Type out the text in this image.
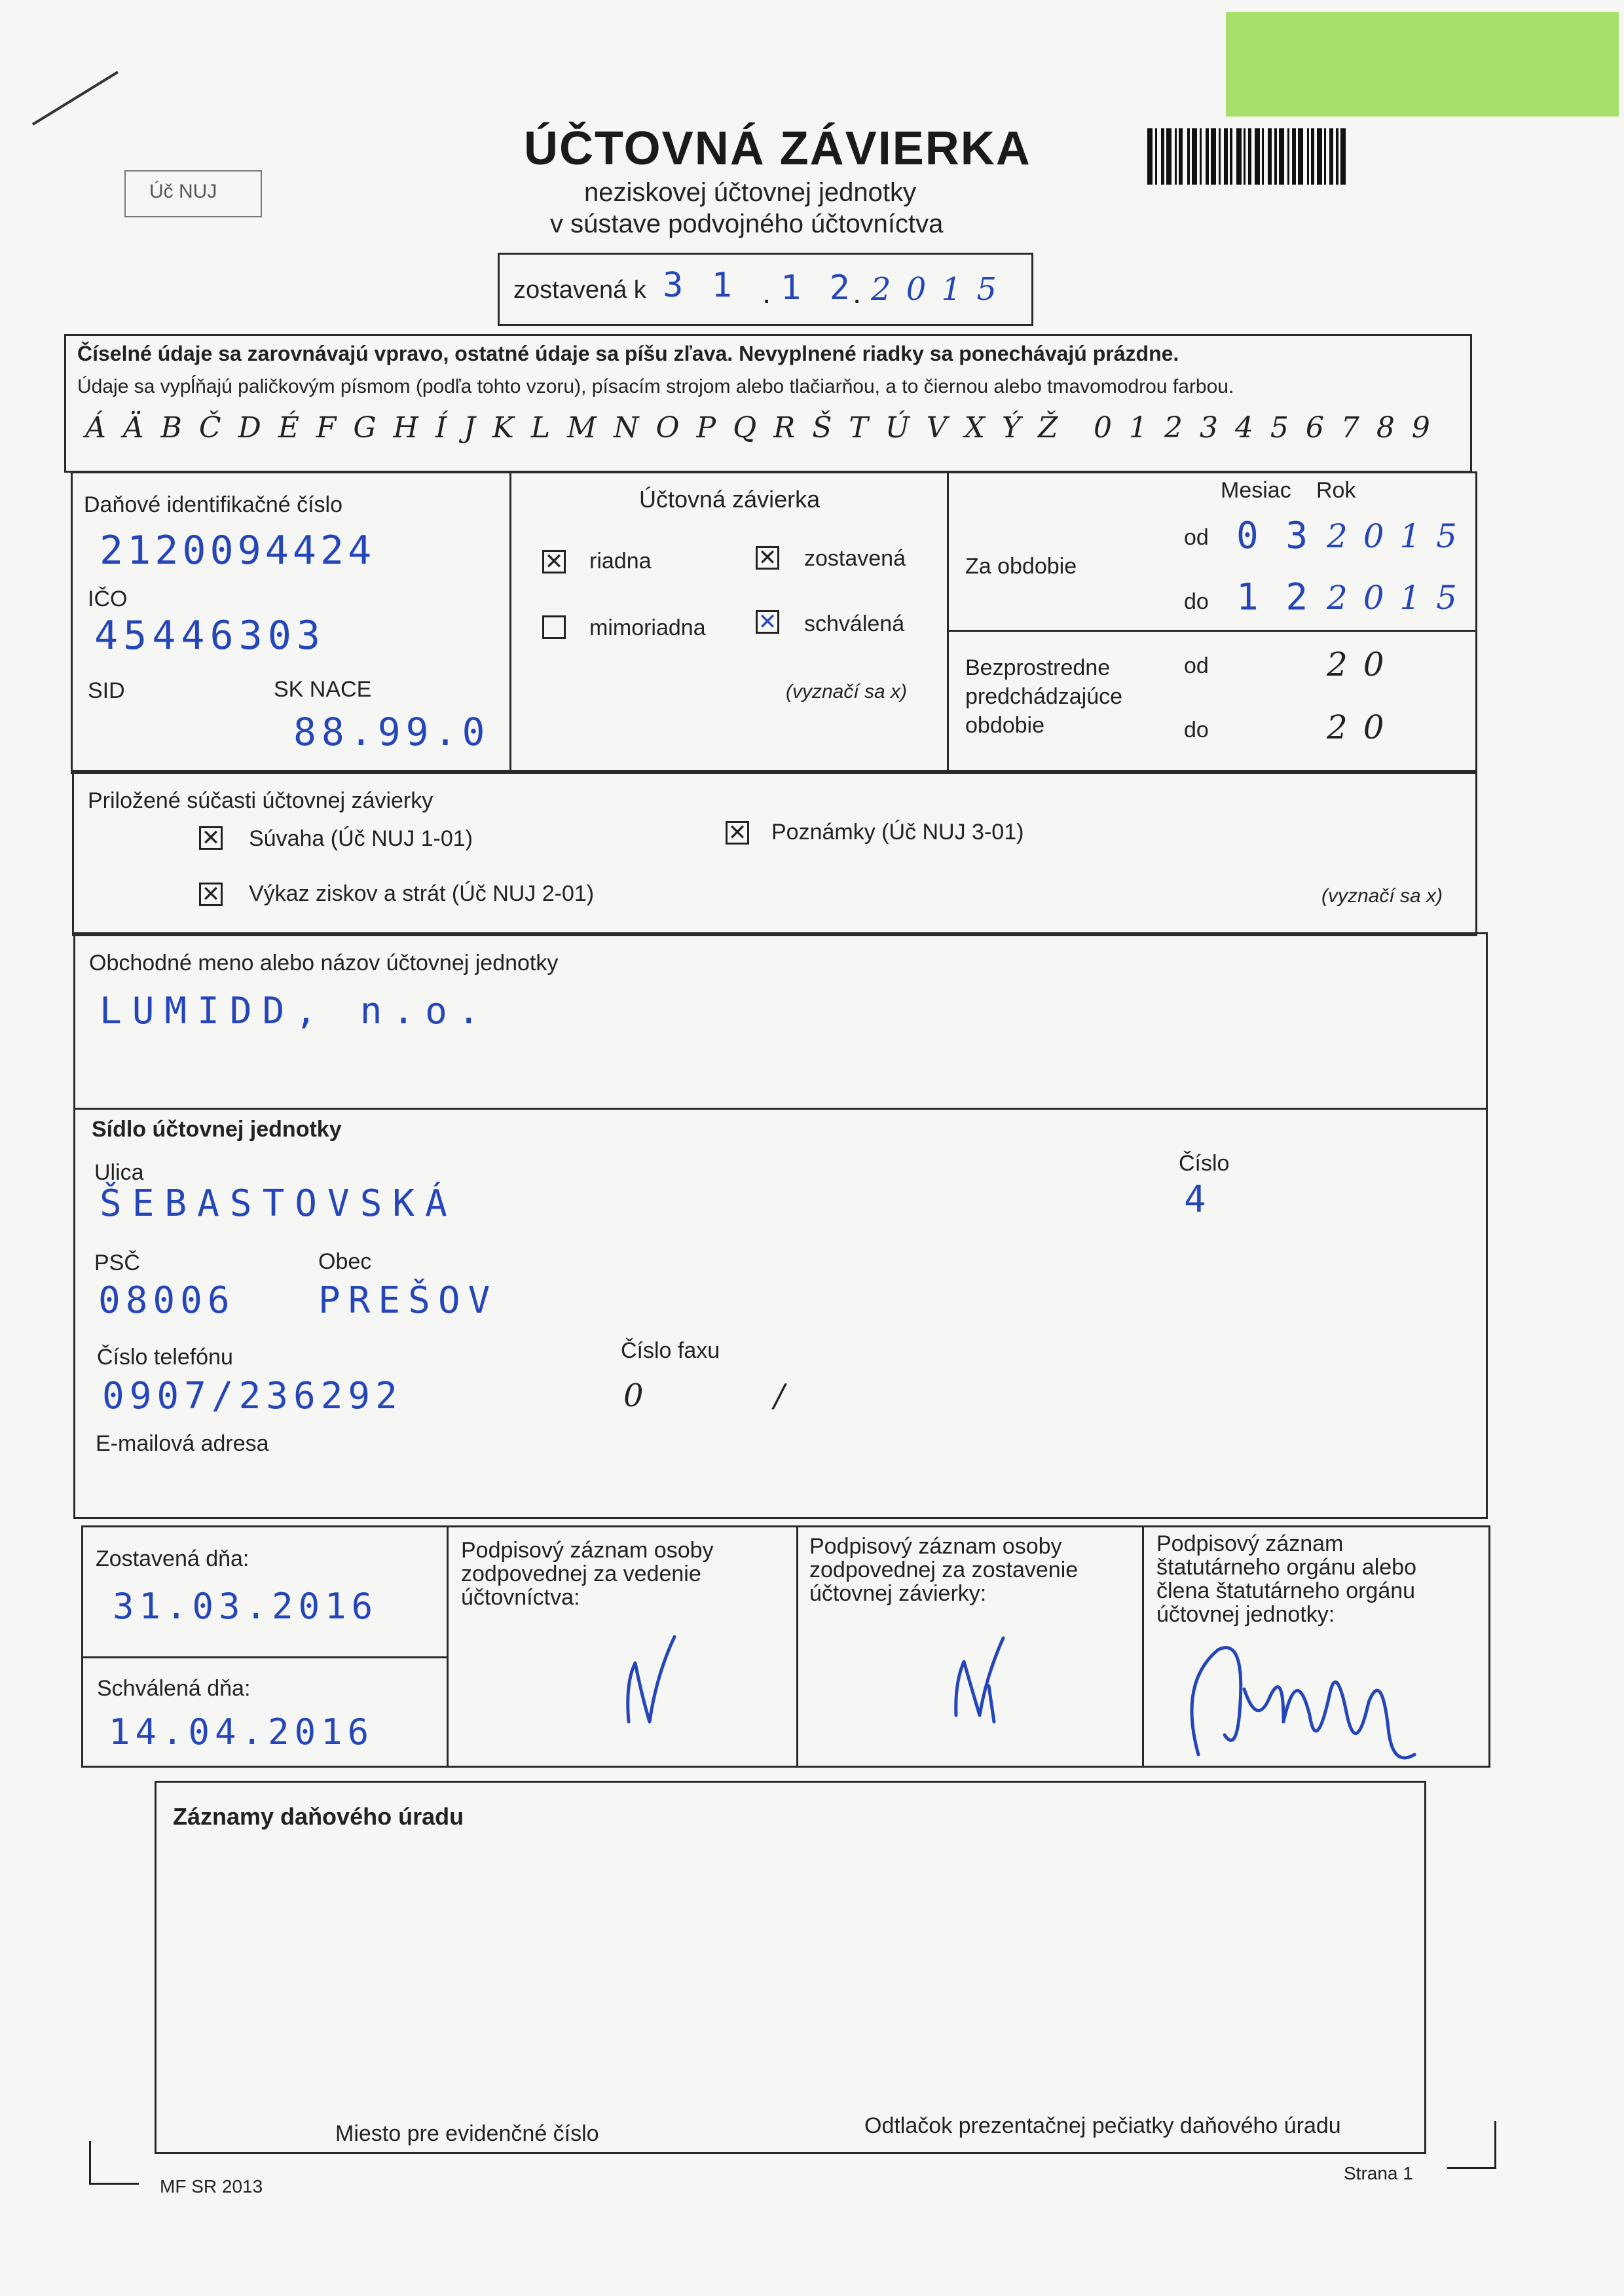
Úč NUJ
ÚČTOVNÁ ZÁVIERKA
neziskovej účtovnej jednotky
v sústave podvojného účtovníctva
zostavená k 3 1 . 1 2
. 2 0 1 5
Číselné údaje sa zarovnávajú vpravo, ostatné údaje sa píšu zľava. Nevyplnené riadky sa ponechávajú prázdne.
Údaje sa vypĺňajú paličkovým písmom (podľa tohto vzoru), písacím strojom alebo tlačiarňou, a to čiernou alebo tmavomodrou farbou.
Á Ä B Č D É F G H Í J K L M N O P Q R Š T Ú V X Ý Ž 0 1 2 3 4 5 6 7 8 9
Daňové identifikačné číslo
2120094424
IČO
45446303
SID	SK NACE
88.99.0
Účtovná závierka
✕ riadna	✕ zostavená
mimoriadna ✕ schválená
(vyznačí sa x)
Mesiac Rok
Za obdobie
od 0 3 2 0 1 5
do 1 2 2 0 1 5
Bezprostredne predchádzajúce obdobie
od	2 0
do	2 0
Priložené súčasti účtovnej závierky
✕ Súvaha (Úč NUJ 1-01)	✕ Poznámky (Úč NUJ 3-01)
✕ Výkaz ziskov a strát (Úč NUJ 2-01)	(vyznačí sa x)
Obchodné meno alebo názov účtovnej jednotky
LUMIDD, n.o.
Sídlo účtovnej jednotky
Ulica
ŠEBASTOVSKÁ
Číslo
4
PSČ
08006
Obec
PREŠOV
Číslo telefónu
0907/236292
Číslo faxu
0	/
E-mailová adresa
Zostavená dňa:
31.03.2016
Schválená dňa:
14.04.2016
Podpisový záznam osoby zodpovednej za vedenie účtovníctva:
Podpisový záznam osoby zodpovednej za zostavenie účtovnej závierky:
Podpisový záznam štatutárneho orgánu alebo člena štatutárneho orgánu účtovnej jednotky:
Záznamy daňového úradu
Miesto pre evidenčné číslo	Odtlačok prezentačnej pečiatky daňového úradu
MF SR 2013
Strana 1
